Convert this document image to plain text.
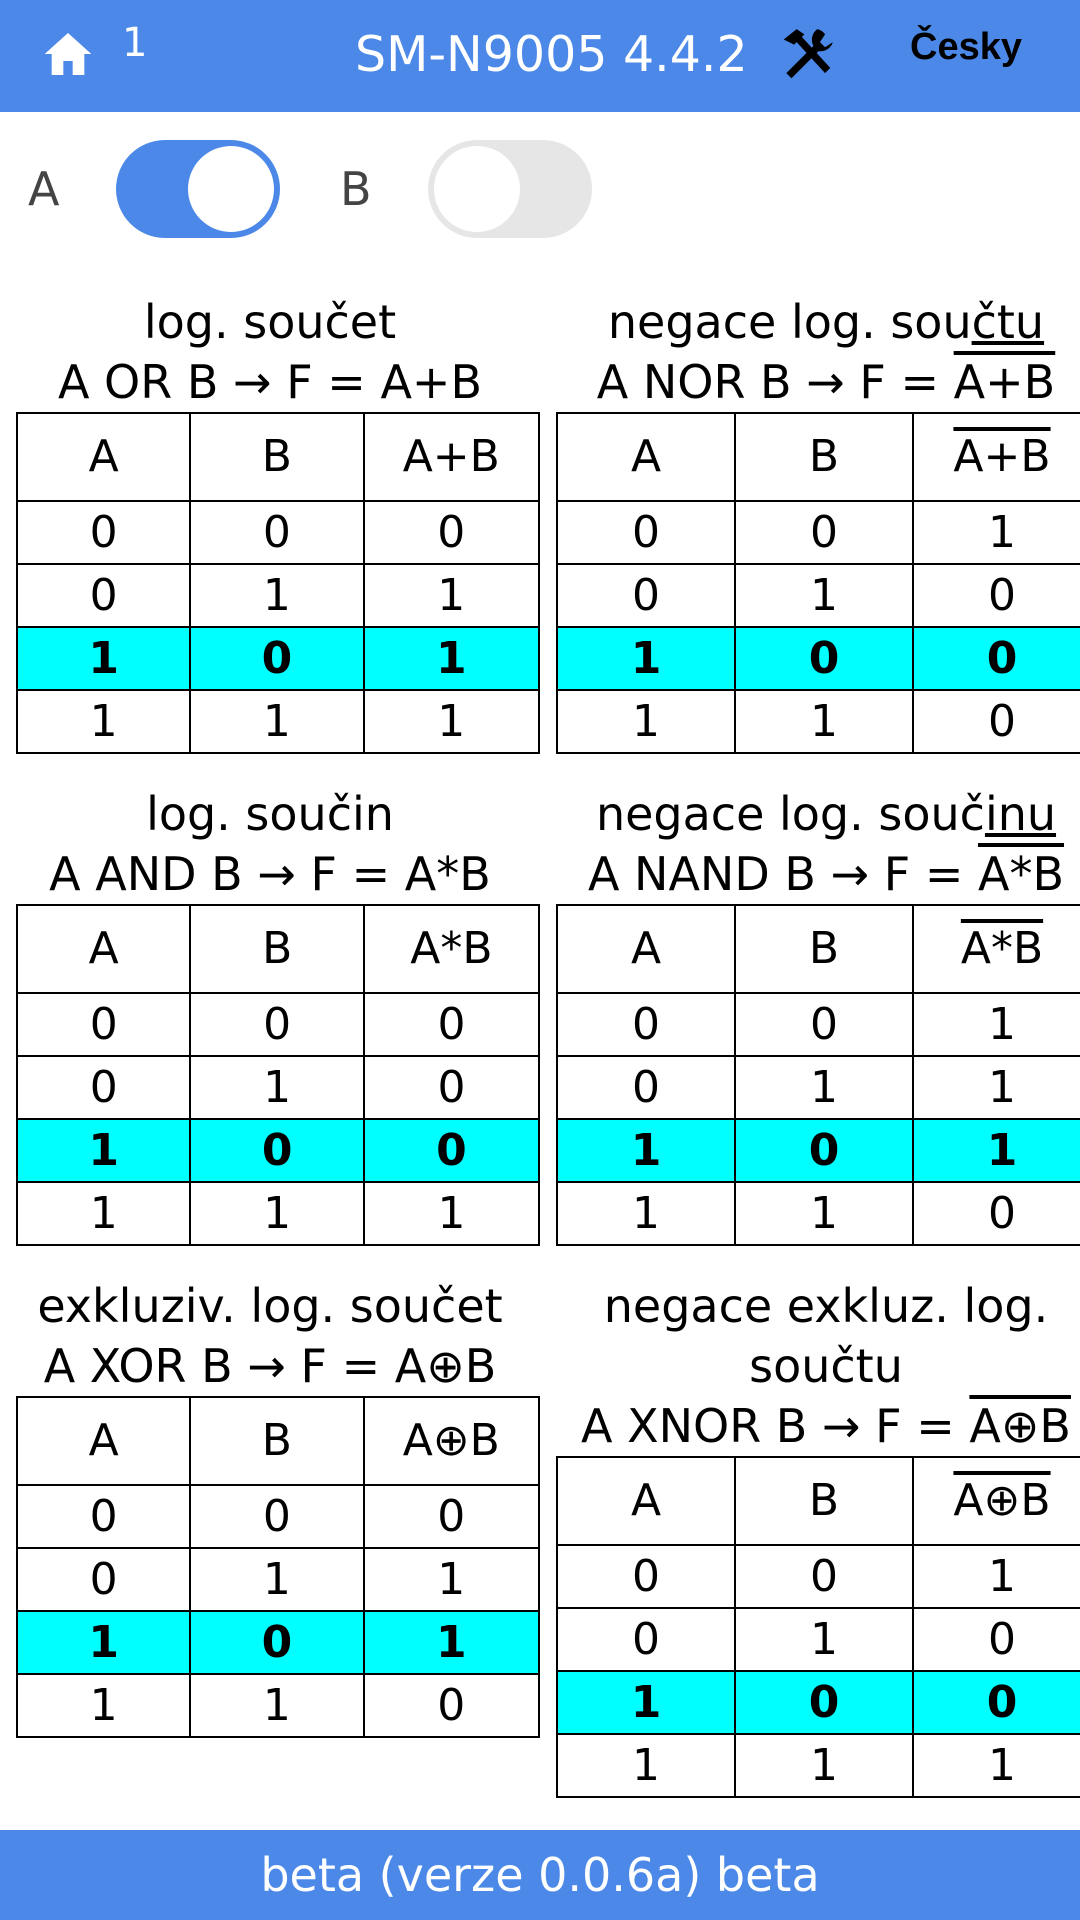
1	SM-N9005 4.4.2	Česky
A	B
log. součet
A OR B → F = A+B
A	B	A+B
0	0	0
0	1	1
1	0	1
1	1	1
negace log. součtu
A NOR B → F = A+B
A	B	A+B
0	0	1
0	1	0
1	0	0
1	1	0
log. součin
A AND B → F = A*B
A	B	A*B
0	0	0
0	1	0
1	0	0
1	1	1
negace log. součinu
A NAND B → F = A*B
A	B	A*B
0	0	1
0	1	1
1	0	1
1	1	0
exkluziv. log. součet
A XOR B → F = A⊕B
A	B	A⊕B
0	0	0
0	1	1
1	0	1
1	1	0
negace exkluz. log.
součtu
A XNOR B → F = A⊕B
A	B	A⊕B
0	0	1
0	1	0
1	0	0
1	1	1
beta (verze 0.0.6a) beta
